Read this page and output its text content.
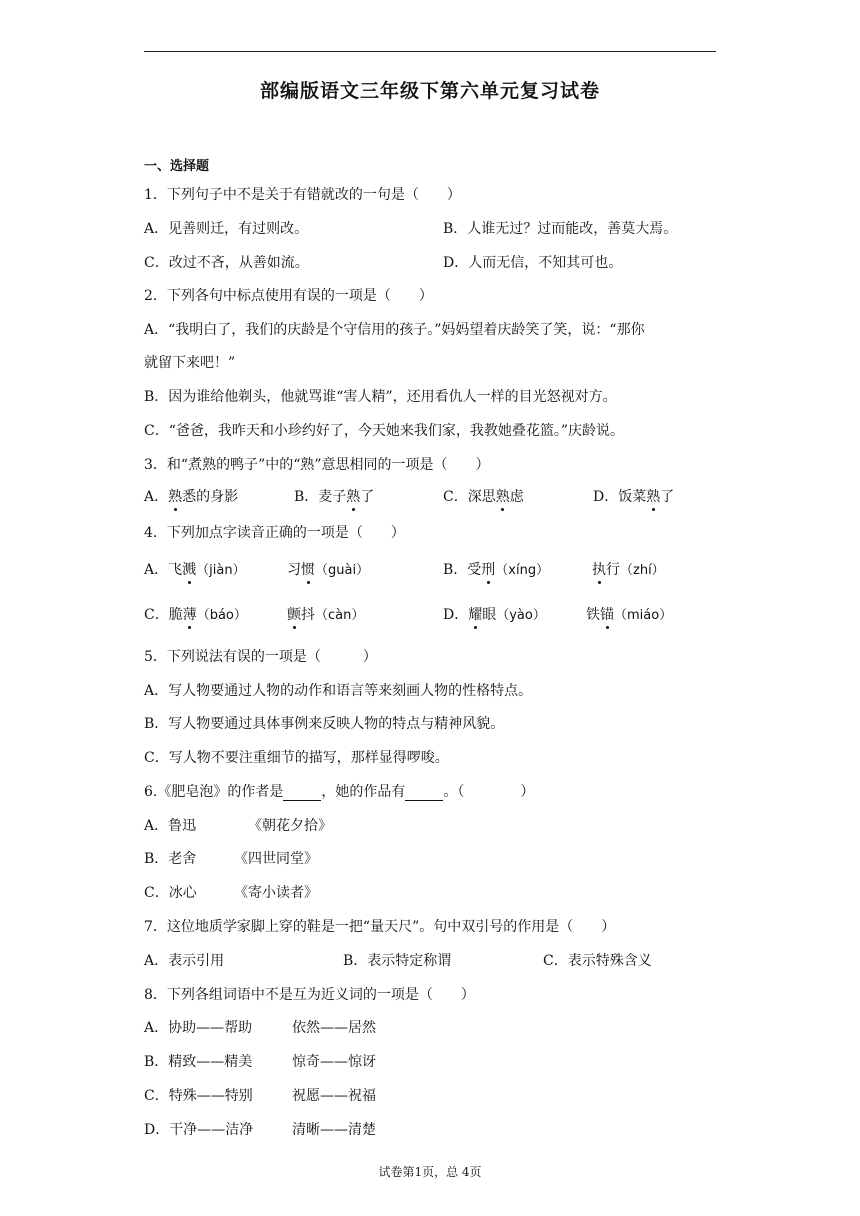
部编版语文三年级下第六单元复习试卷
一、选择题
1．下列句子中不是关于有错就改的一句是（　　）
A．见善则迁，有过则改。	B．人谁无过？过而能改，善莫大焉。
C．改过不吝，从善如流。	D．人而无信，不知其可也。
2．下列各句中标点使用有误的一项是（　　）
A．“我明白了，我们的庆龄是个守信用的孩子。”妈妈望着庆龄笑了笑，说：“那你
就留下来吧！”
B．因为谁给他剃头，他就骂谁“害人精”，还用看仇人一样的目光怒视对方。
C．“爸爸，我昨天和小珍约好了，今天她来我们家，我教她叠花篮。”庆龄说。
3．和“煮熟的鸭子”中的“熟”意思相同的一项是（　　）
A．熟悉的身影	B．麦子熟了	C．深思熟虑	D．饭菜熟了
4．下列加点字读音正确的一项是（　　）
A．飞溅（jiàn）	习惯（guài）	B．受刑（xíng）	执行（zhí）
C．脆薄（báo）	颤抖（càn）	D．耀眼（yào）	铁锚（miáo）
5．下列说法有误的一项是（　　　）
A．写人物要通过人物的动作和语言等来刻画人物的性格特点。
B．写人物要通过具体事例来反映人物的特点与精神风貌。
C．写人物不要注重细节的描写，那样显得啰唆。
6.《肥皂泡》的作者是	，她的作品有	。（　　　　）
A．鲁迅	《朝花夕拾》
B．老舍	《四世同堂》
C．冰心	《寄小读者》
7．这位地质学家脚上穿的鞋是一把“量天尺”。句中双引号的作用是（　　）
A．表示引用	B．表示特定称谓	C．表示特殊含义
8．下列各组词语中不是互为近义词的一项是（　　）
A．协助——帮助	依然——居然
B．精致——精美	惊奇——惊讶
C．特殊——特别	祝愿——祝福
D．干净——洁净	清晰——清楚
试卷第1页，总 4页
